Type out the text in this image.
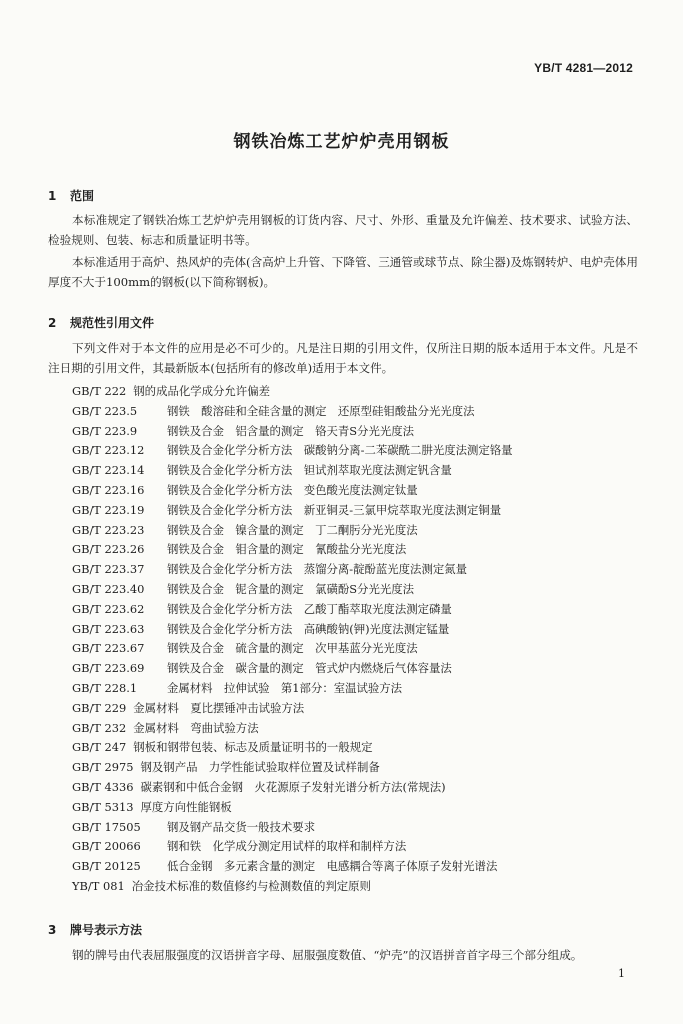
YB/T 4281—2012
钢铁冶炼工艺炉炉壳用钢板
1 范围
本标准规定了钢铁冶炼工艺炉炉壳用钢板的订货内容、尺寸、外形、重量及允许偏差、技术要求、试验方法、检验规则、包装、标志和质量证明书等。
本标准适用于高炉、热风炉的壳体(含高炉上升管、下降管、三通管或球节点、除尘器)及炼钢转炉、电炉壳体用厚度不大于100mm的钢板(以下简称钢板)。
2 规范性引用文件
下列文件对于本文件的应用是必不可少的。凡是注日期的引用文件，仅所注日期的版本适用于本文件。凡是不注日期的引用文件，其最新版本(包括所有的修改单)适用于本文件。
GB/T 222 钢的成品化学成分允许偏差
GB/T 223.5	钢铁　酸溶硅和全硅含量的测定　还原型硅钼酸盐分光光度法
GB/T 223.9	钢铁及合金　铝含量的测定　铬天青S分光光度法
GB/T 223.12 钢铁及合金化学分析方法　碳酸钠分离-二苯碳酰二肼光度法测定铬量
GB/T 223.14 钢铁及合金化学分析方法　钽试剂萃取光度法测定钒含量
GB/T 223.16 钢铁及合金化学分析方法　变色酸光度法测定钛量
GB/T 223.19 钢铁及合金化学分析方法　新亚铜灵-三氯甲烷萃取光度法测定铜量
GB/T 223.23 钢铁及合金　镍含量的测定　丁二酮肟分光光度法
GB/T 223.26 钢铁及合金　钼含量的测定　氰酸盐分光光度法
GB/T 223.37 钢铁及合金化学分析方法　蒸馏分离-靛酚蓝光度法测定氮量
GB/T 223.40 钢铁及合金　铌含量的测定　氯磺酚S分光光度法
GB/T 223.62 钢铁及合金化学分析方法　乙酸丁酯萃取光度法测定磷量
GB/T 223.63 钢铁及合金化学分析方法　高碘酸钠(钾)光度法测定锰量
GB/T 223.67 钢铁及合金　硫含量的测定　次甲基蓝分光光度法
GB/T 223.69 钢铁及合金　碳含量的测定　管式炉内燃烧后气体容量法
GB/T 228.1	金属材料　拉伸试验　第1部分：室温试验方法
GB/T 229 金属材料　夏比摆锤冲击试验方法
GB/T 232 金属材料　弯曲试验方法
GB/T 247 钢板和钢带包装、标志及质量证明书的一般规定
GB/T 2975 钢及钢产品　力学性能试验取样位置及试样制备
GB/T 4336 碳素钢和中低合金钢　火花源原子发射光谱分析方法(常规法)
GB/T 5313 厚度方向性能钢板
GB/T 17505 钢及钢产品交货一般技术要求
GB/T 20066 钢和铁　化学成分测定用试样的取样和制样方法
GB/T 20125 低合金钢　多元素含量的测定　电感耦合等离子体原子发射光谱法
YB/T 081 冶金技术标准的数值修约与检测数值的判定原则
3 牌号表示方法
钢的牌号由代表屈服强度的汉语拼音字母、屈服强度数值、“炉壳”的汉语拼音首字母三个部分组成。
1
